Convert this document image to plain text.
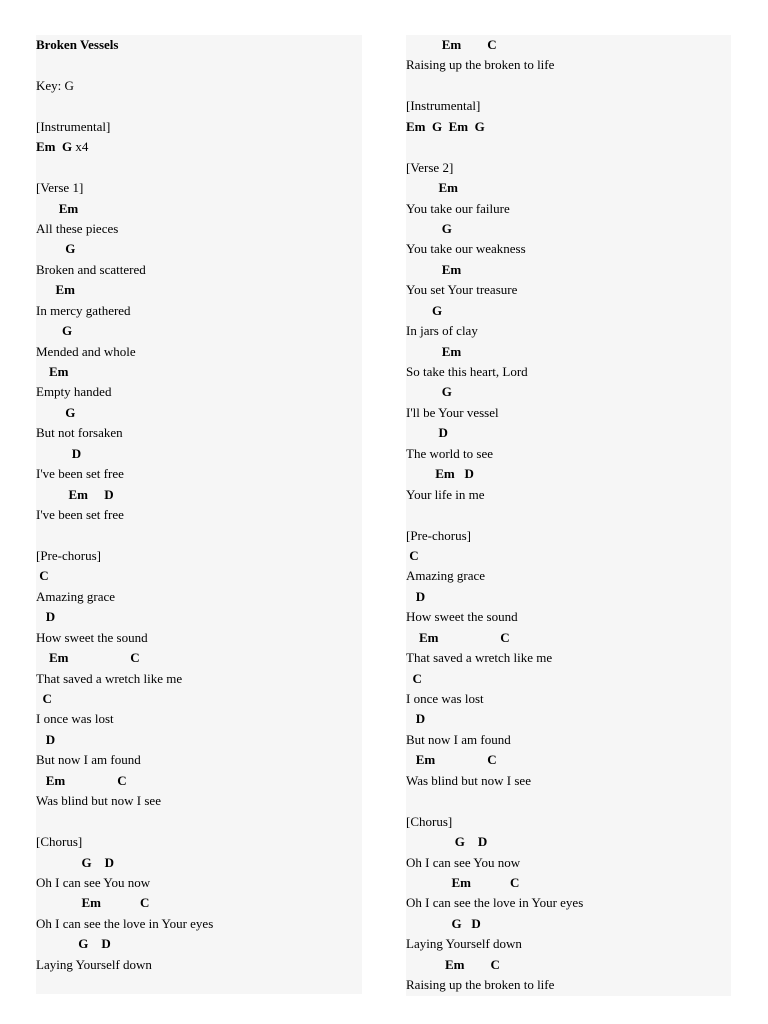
Broken Vessels
Key: G
[Instrumental]
Em  G x4
[Verse 1]
Em
All these pieces
G
Broken and scattered
Em
In mercy gathered
G
Mended and whole
Em
Empty handed
G
But not forsaken
D
I've been set free
Em     D
I've been set free
[Pre-chorus]
C
Amazing grace
D
How sweet the sound
Em                   C
That saved a wretch like me
C
I once was lost
D
But now I am found
Em                C
Was blind but now I see
[Chorus]
G    D
Oh I can see You now
Em            C
Oh I can see the love in Your eyes
G    D
Laying Yourself down
Em        C
Raising up the broken to life
[Instrumental]
Em  G  Em  G
[Verse 2]
Em
You take our failure
G
You take our weakness
Em
You set Your treasure
G
In jars of clay
Em
So take this heart, Lord
G
I'll be Your vessel
D
The world to see
Em   D
Your life in me
[Pre-chorus]
C
Amazing grace
D
How sweet the sound
Em                   C
That saved a wretch like me
C
I once was lost
D
But now I am found
Em                C
Was blind but now I see
[Chorus]
G    D
Oh I can see You now
Em            C
Oh I can see the love in Your eyes
G   D
Laying Yourself down
Em        C
Raising up the broken to life
